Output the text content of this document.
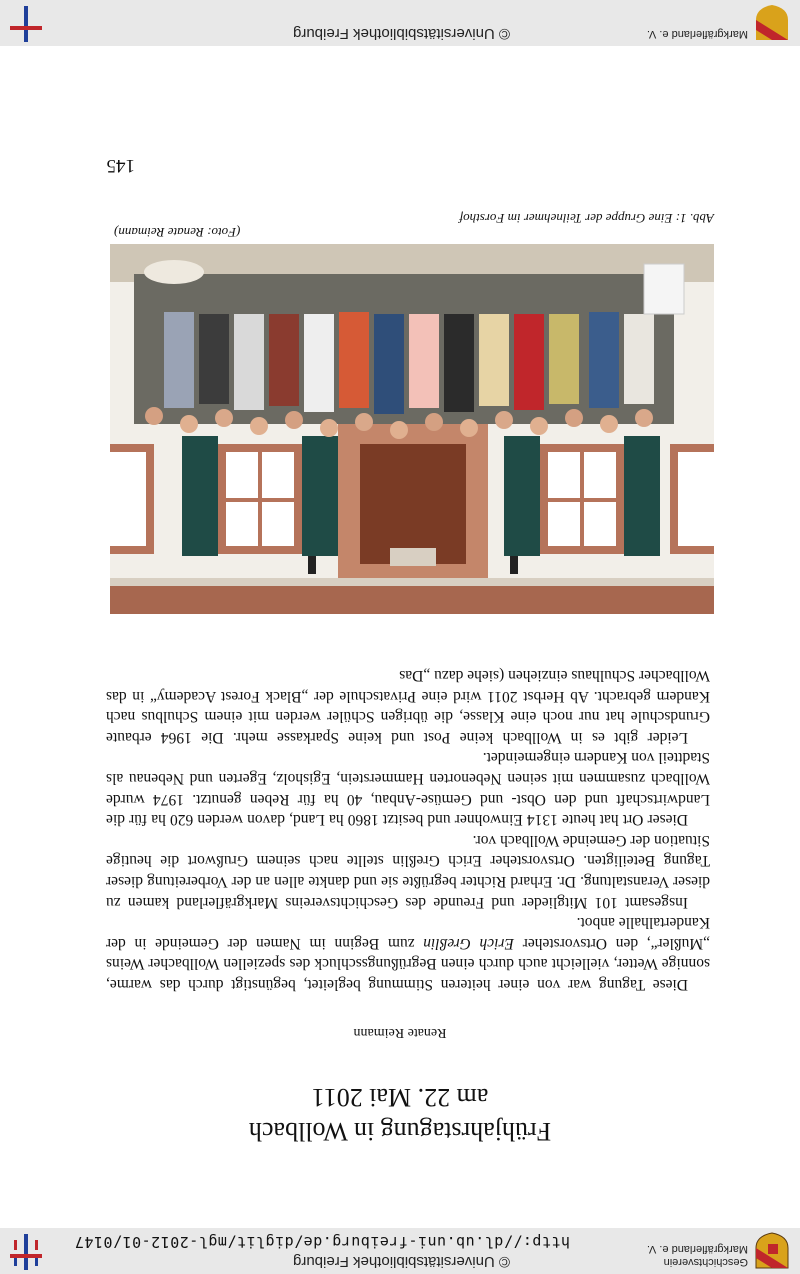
Geschichtsverein
Markgräflerland e. V.
© Universitätsbibliothek Freiburg
http://dl.ub.uni-freiburg.de/diglit/mgl-2012-01/0147
Markgräflerland e. V.
© Universitätsbibliothek Freiburg
145
Abb. 1: Eine Gruppe der Teilnehmer im Forsthof
(Foto: Renate Reimann)
Frühjahrstagung in Wollbach
am 22. Mai 2011
Renate Reimann

Diese Tagung war von einer heiteren Stimmung begleitet, begünstigt durch das warme, sonnige Wetter, vielleicht auch durch einen Begrüßungsschluck des speziellen Wollbacher Weins „Mußler“, den Ortsvorsteher Erich Greßlin zum Beginn im Namen der Gemeinde in der Kandertalhalle anbot.

Insgesamt 101 Mitglieder und Freunde des Geschichtsvereins Markgräflerland kamen zu dieser Veranstaltung. Dr. Erhard Richter begrüßte sie und dankte allen an der Vorbereitung dieser Tagung Beteiligten. Ortsvorsteher Erich Greßlin stellte nach seinem Grußwort die heutige Situation der Gemeinde Wollbach vor.

Dieser Ort hat heute 1314 Einwohner und besitzt 1860 ha Land, davon werden 620 ha für die Landwirtschaft und den Obst- und Gemüse-Anbau, 40 ha für Reben genutzt. 1974 wurde Wollbach zusammen mit seinen Nebenorten Hammerstein, Egisholz, Egerten und Nebenau als Stadtteil von Kandern eingemeindet.

Leider gibt es in Wollbach keine Post und keine Sparkasse mehr. Die 1964 erbaute Grundschule hat nur noch eine Klasse, die übrigen Schüler werden mit einem Schulbus nach Kandern gebracht. Ab Herbst 2011 wird eine Privatschule der „Black Forest Academy“ in das Wollbacher Schulhaus einziehen (siehe dazu „Das
